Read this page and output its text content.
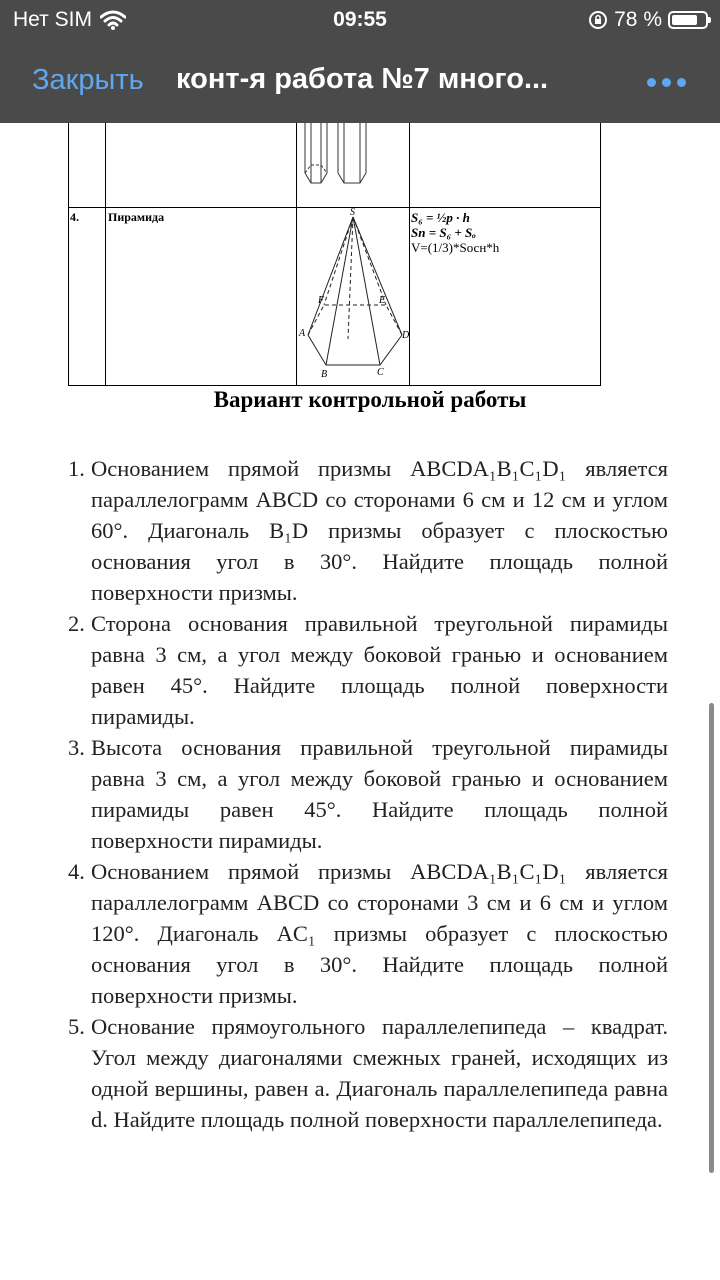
Нет SIM	09:55	78 %
Закрыть конт-я работа №7 много...
S
F	E
A	D
B	C
4. Пирамида	S₆ = ½p · h
Sп = S₆ + Sₒ
V=(1/3)*Sосн*h
Вариант контрольной работы
1. Основанием прямой призмы ABCDA₁B₁C₁D₁ является параллелограмм ABCD со сторонами 6 см и 12 см и углом 60°. Диагональ B₁D призмы образует с плоскостью основания угол в 30°. Найдите площадь полной поверхности призмы.

2. Сторона основания правильной треугольной пирамиды равна 3 см, а угол между боковой гранью и основанием равен 45°. Найдите площадь полной поверхности пирамиды.

3. Высота основания правильной треугольной пирамиды равна 3 см, а угол между боковой гранью и основанием пирамиды равен 45°. Найдите площадь полной поверхности пирамиды.

4. Основанием прямой призмы ABCDA₁B₁C₁D₁ является параллелограмм ABCD со сторонами 3 см и 6 см и углом 120°. Диагональ AC₁ призмы образует с плоскостью основания угол в 30°. Найдите площадь полной поверхности призмы.

5. Основание прямоугольного параллелепипеда – квадрат. Угол между диагоналями смежных граней, исходящих из одной вершины, равен a. Диагональ параллелепипеда равна d. Найдите площадь полной поверхности параллелепипеда.
